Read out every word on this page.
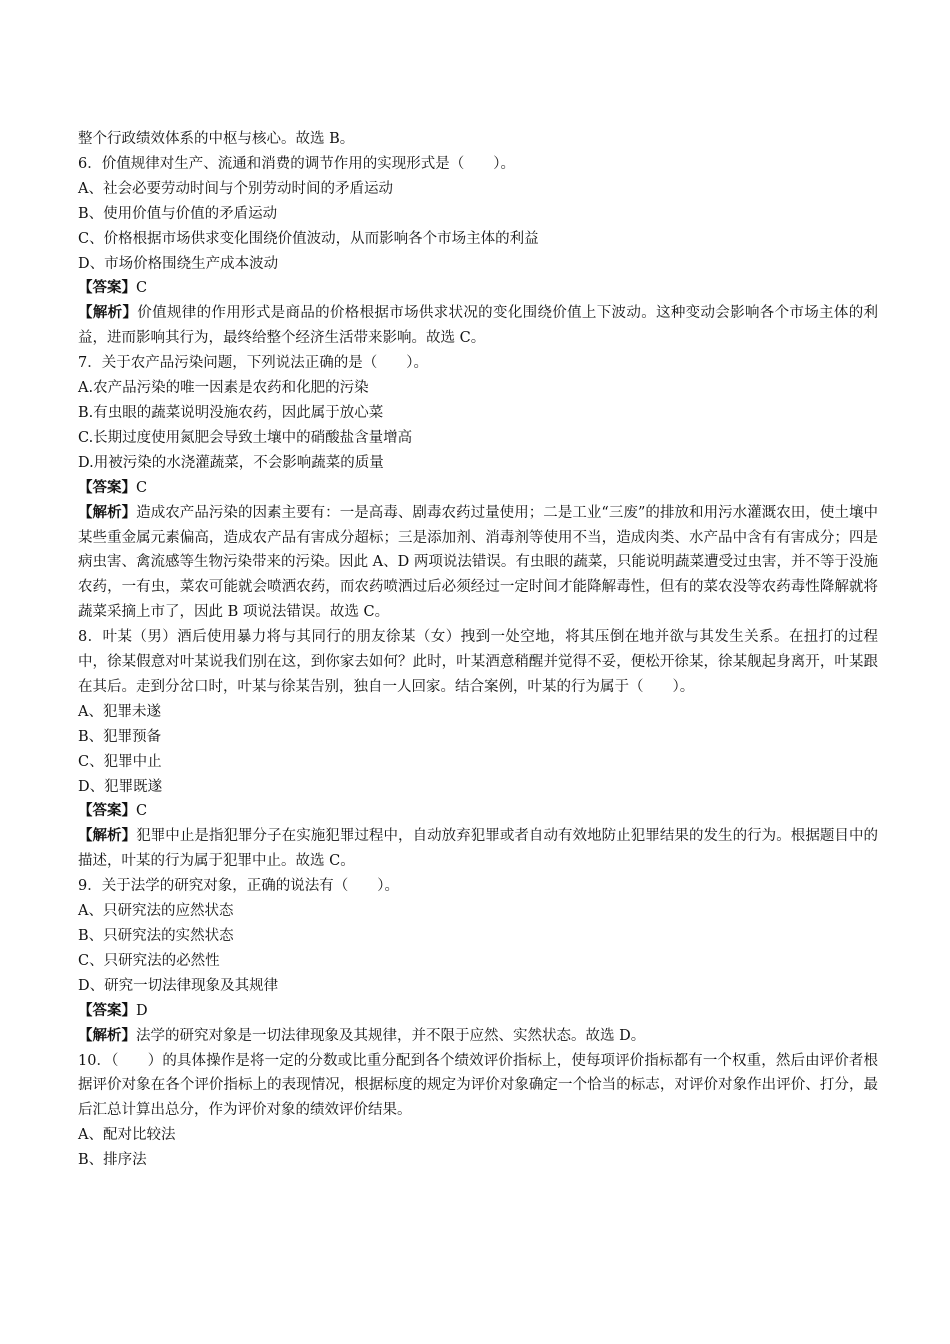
整个行政绩效体系的中枢与核心。故选 B。
6．价值规律对生产、流通和消费的调节作用的实现形式是（　　）。
A、社会必要劳动时间与个别劳动时间的矛盾运动
B、使用价值与价值的矛盾运动
C、价格根据市场供求变化围绕价值波动，从而影响各个市场主体的利益
D、市场价格围绕生产成本波动
【答案】C
【解析】价值规律的作用形式是商品的价格根据市场供求状况的变化围绕价值上下波动。这种变动会影响各个市场主体的利益，进而影响其行为，最终给整个经济生活带来影响。故选 C。
7．关于农产品污染问题，下列说法正确的是（　　）。
A.农产品污染的唯一因素是农药和化肥的污染
B.有虫眼的蔬菜说明没施农药，因此属于放心菜
C.长期过度使用氮肥会导致土壤中的硝酸盐含量增高
D.用被污染的水浇灌蔬菜，不会影响蔬菜的质量
【答案】C
【解析】造成农产品污染的因素主要有：一是高毒、剧毒农药过量使用；二是工业“三废”的排放和用污水灌溉农田，使土壤中某些重金属元素偏高，造成农产品有害成分超标；三是添加剂、消毒剂等使用不当，造成肉类、水产品中含有有害成分；四是病虫害、禽流感等生物污染带来的污染。因此 A、D 两项说法错误。有虫眼的蔬菜，只能说明蔬菜遭受过虫害，并不等于没施农药，一有虫，菜农可能就会喷洒农药，而农药喷洒过后必须经过一定时间才能降解毒性，但有的菜农没等农药毒性降解就将蔬菜采摘上市了，因此 B 项说法错误。故选 C。
8．叶某（男）酒后使用暴力将与其同行的朋友徐某（女）拽到一处空地，将其压倒在地并欲与其发生关系。在扭打的过程中，徐某假意对叶某说我们别在这，到你家去如何？此时，叶某酒意稍醒并觉得不妥，便松开徐某，徐某舰起身离开，叶某跟在其后。走到分岔口时，叶某与徐某告别，独自一人回家。结合案例，叶某的行为属于（　　）。
A、犯罪未遂
B、犯罪预备
C、犯罪中止
D、犯罪既遂
【答案】C
【解析】犯罪中止是指犯罪分子在实施犯罪过程中，自动放弃犯罪或者自动有效地防止犯罪结果的发生的行为。根据题目中的描述，叶某的行为属于犯罪中止。故选 C。
9．关于法学的研究对象，正确的说法有（　　）。
A、只研究法的应然状态
B、只研究法的实然状态
C、只研究法的必然性
D、研究一切法律现象及其规律
【答案】D
【解析】法学的研究对象是一切法律现象及其规律，并不限于应然、实然状态。故选 D。
10．（　　）的具体操作是将一定的分数或比重分配到各个绩效评价指标上，使每项评价指标都有一个权重，然后由评价者根据评价对象在各个评价指标上的表现情况，根据标度的规定为评价对象确定一个恰当的标志，对评价对象作出评价、打分，最后汇总计算出总分，作为评价对象的绩效评价结果。
A、配对比较法
B、排序法
